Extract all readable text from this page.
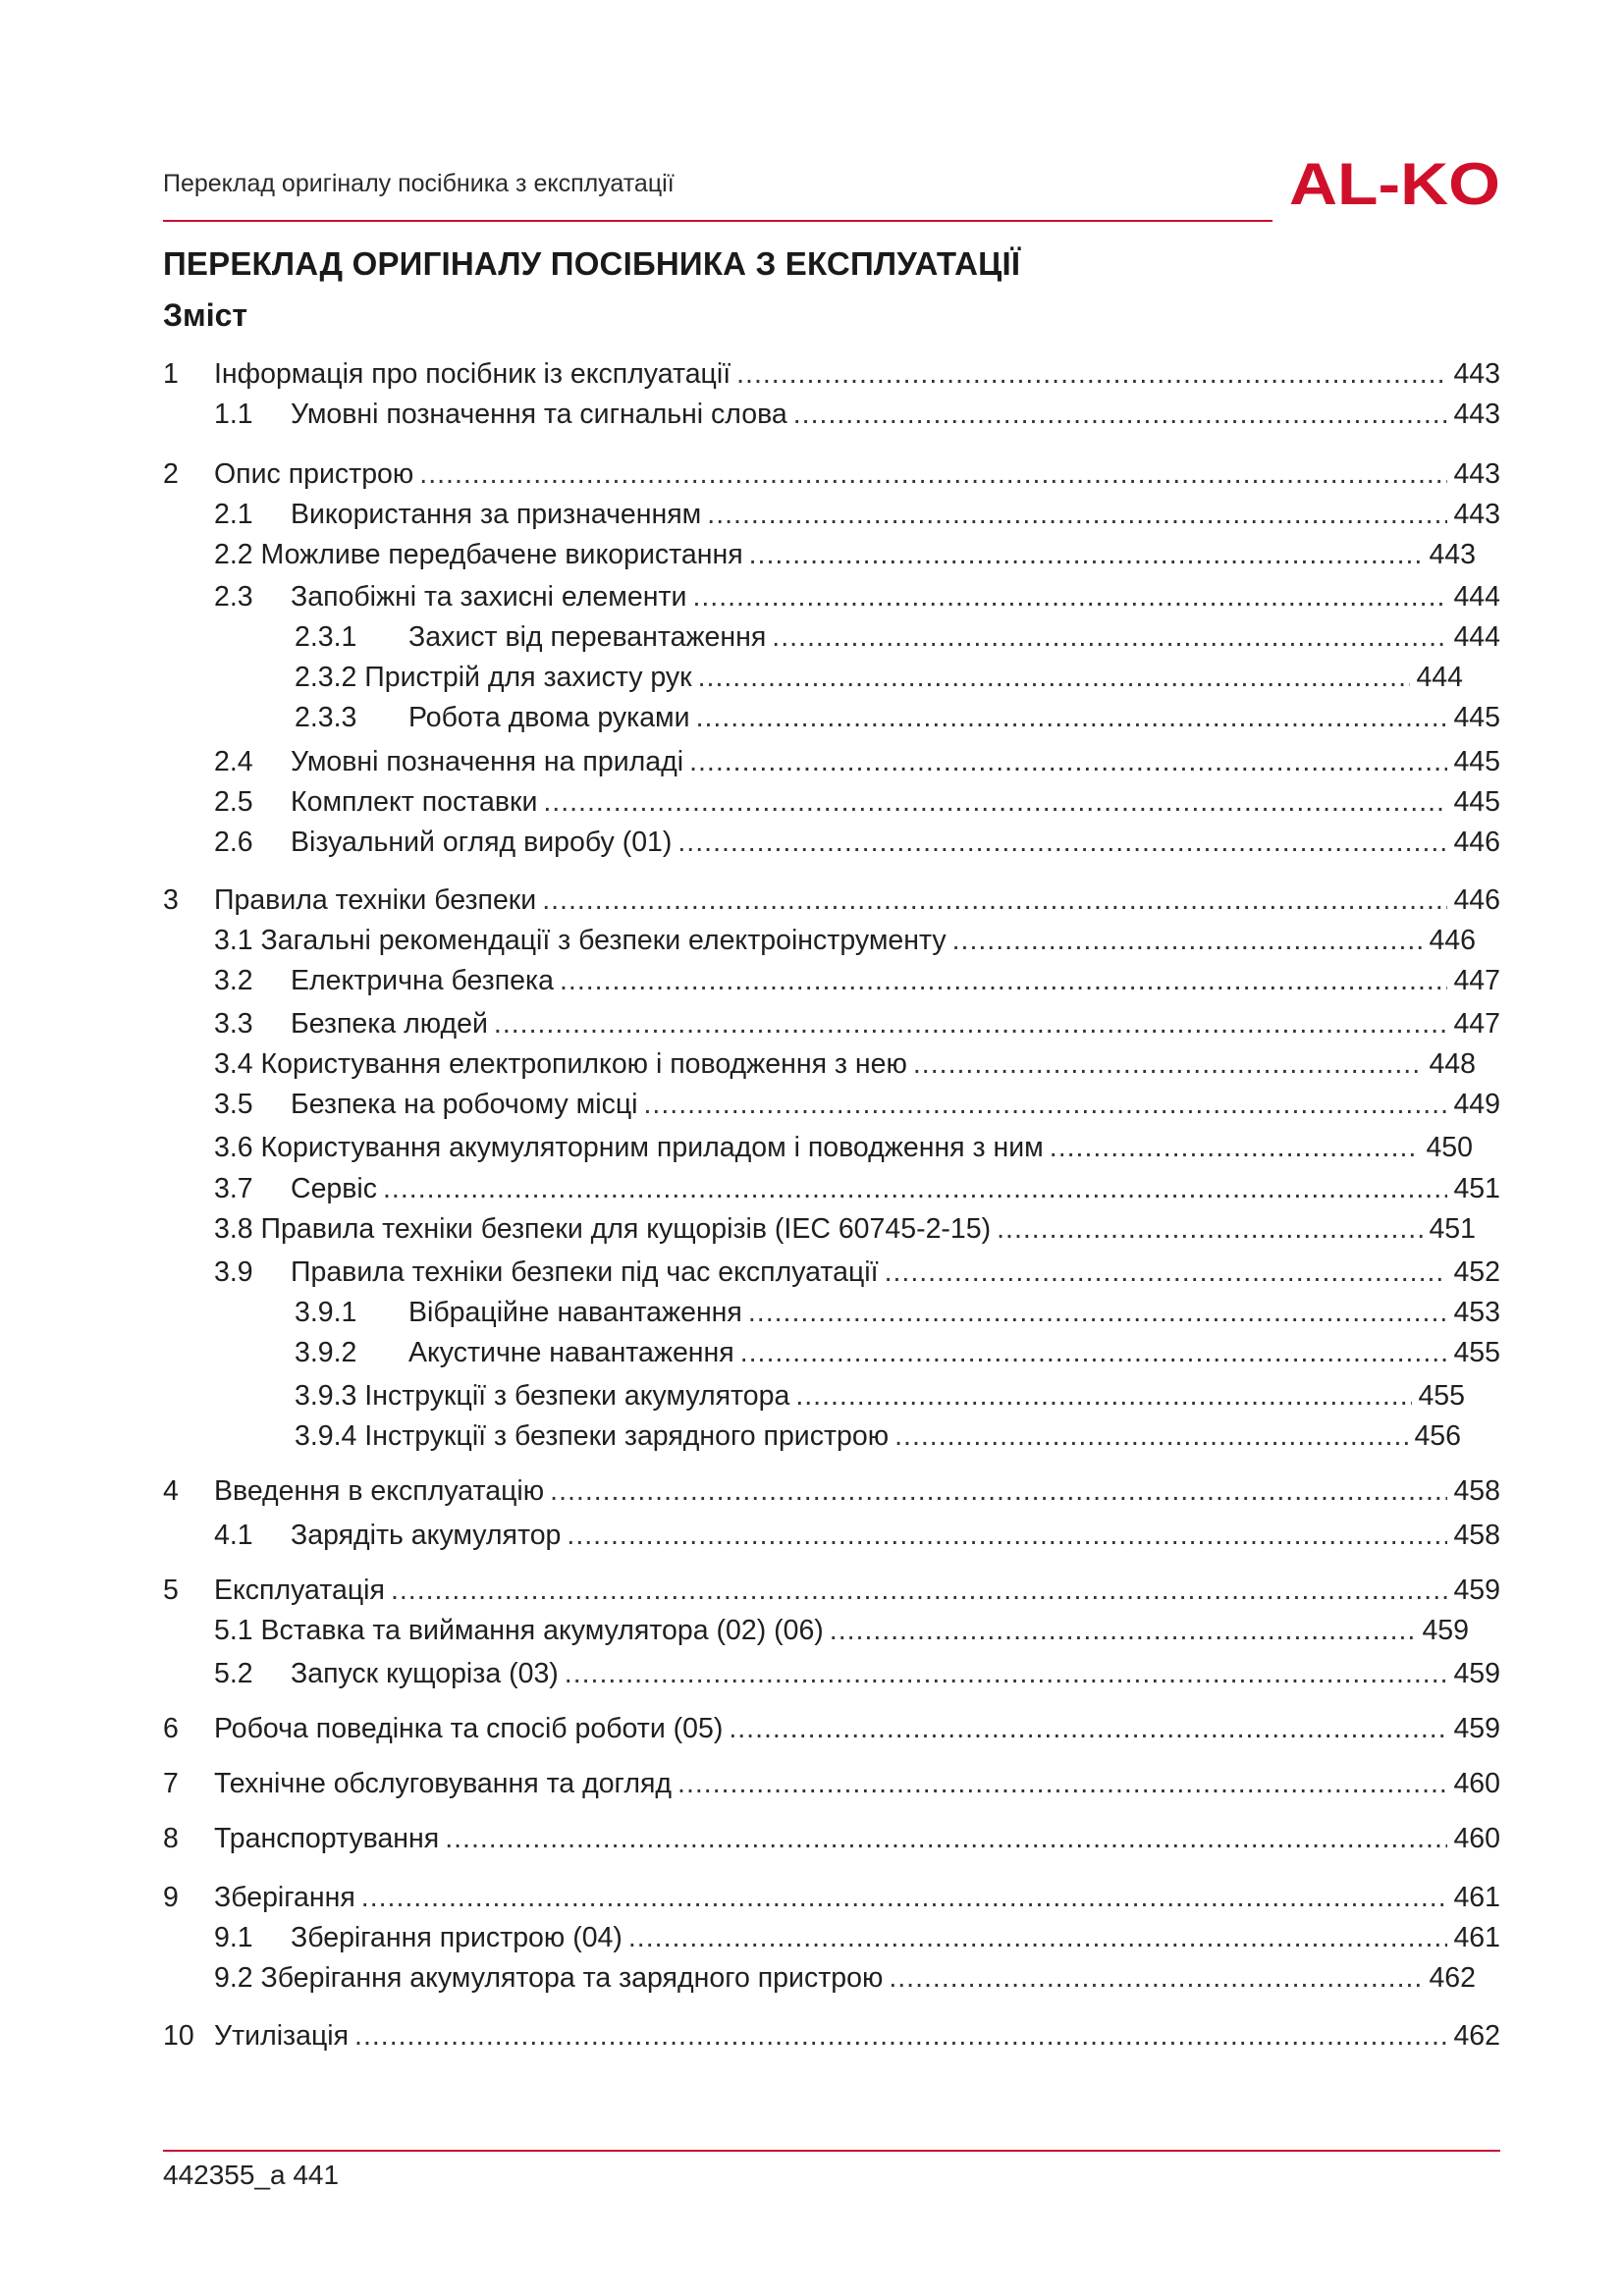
Переклад оригіналу посібника з експлуатації	AL-KO
ПЕРЕКЛАД ОРИГІНАЛУ ПОСІБНИКА З ЕКСПЛУАТАЦІЇ
Зміст
1	Інформація про посібник із експлуатації .....	443
1.1	Умовні позначення та сигнальні слова .....	443
2	Опис пристрою .....	443
2.1	Використання за призначенням .....	443
2.2 Можливе передбачене використання .....	443
2.3	Запобіжні та захисні елементи .....	444
2.3.1	Захист від перевантаження .....	444
2.3.2 Пристрій для захисту рук .....	444
2.3.3	Робота двома руками .....	445
2.4	Умовні позначення на приладі .....	445
2.5	Комплект поставки .....	445
2.6	Візуальний огляд виробу (01) .....	446
3	Правила техніки безпеки .....	446
3.1 Загальні рекомендації з безпеки електроінструменту .....	446
3.2	Електрична безпека .....	447
3.3	Безпека людей .....	447
3.4 Користування електропилкою і поводження з нею .....	448
3.5	Безпека на робочому місці .....	449
3.6 Користування акумуляторним приладом і поводження з ним .....	450
3.7	Сервіс .....	451
3.8 Правила техніки безпеки для кущорізів (IEC 60745-2-15) .....	451
3.9	Правила техніки безпеки під час експлуатації .....	452
3.9.1	Вібраційне навантаження .....	453
3.9.2	Акустичне навантаження .....	455
3.9.3 Інструкції з безпеки акумулятора .....	455
3.9.4 Інструкції з безпеки зарядного пристрою .....	456
4	Введення в експлуатацію .....	458
4.1	Зарядіть акумулятор .....	458
5	Експлуатація .....	459
5.1 Вставка та виймання акумулятора (02) (06) .....	459
5.2	Запуск кущоріза (03) .....	459
6	Робоча поведінка та спосіб роботи (05) .....	459
7	Технічне обслуговування та догляд .....	460
8	Транспортування .....	460
9	Зберігання .....	461
9.1	Зберігання пристрою (04) .....	461
9.2 Зберігання акумулятора та зарядного пристрою .....	462
10 Утилізація .....	462
442355_a 441
